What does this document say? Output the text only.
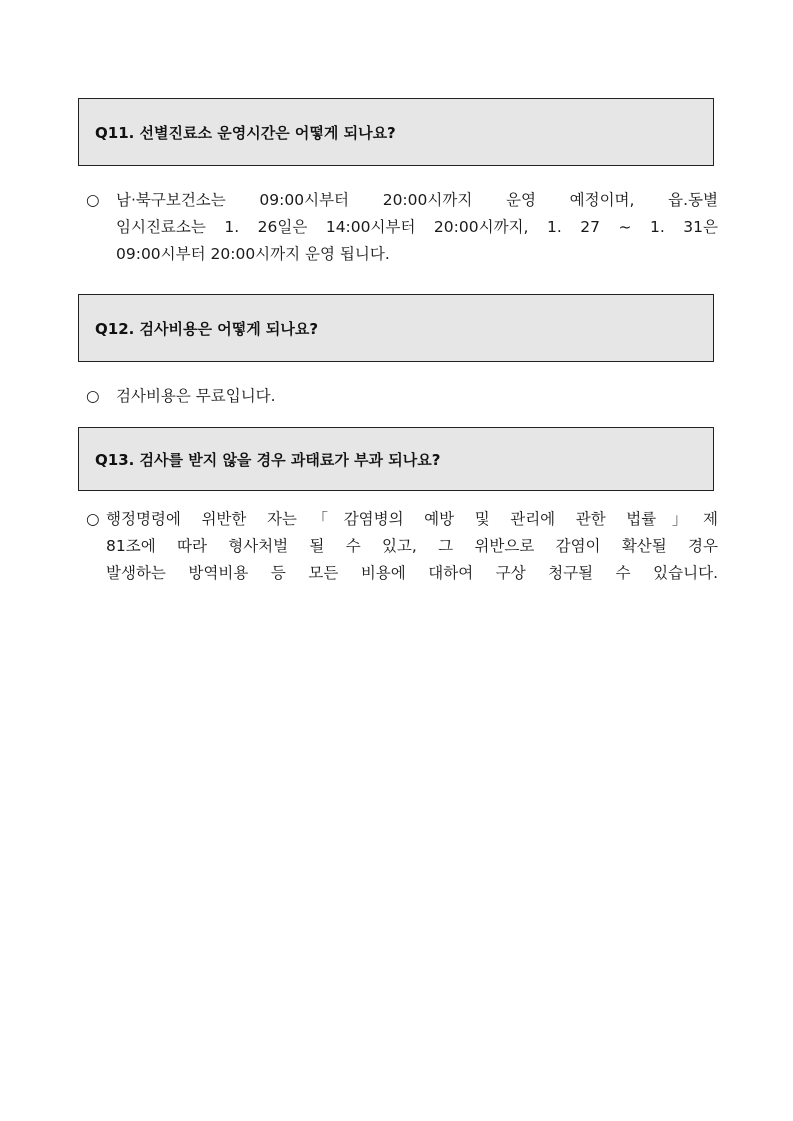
Q11. 선별진료소 운영시간은 어떻게 되나요?
○ 남·북구보건소는 09:00시부터 20:00시까지 운영 예정이며, 읍.동별
임시진료소는 1. 26일은 14:00시부터 20:00시까지, 1. 27 ~ 1. 31은
09:00시부터 20:00시까지 운영 됩니다.
Q12. 검사비용은 어떻게 되나요?
○ 검사비용은 무료입니다.
Q13. 검사를 받지 않을 경우 과태료가 부과 되나요?
○ 행정명령에 위반한 자는「감염병의 예방 및 관리에 관한 법률」제
81조에 따라 형사처벌 될 수 있고, 그 위반으로 감염이 확산될 경우
발생하는 방역비용 등 모든 비용에 대하여 구상 청구될 수 있습니다.
